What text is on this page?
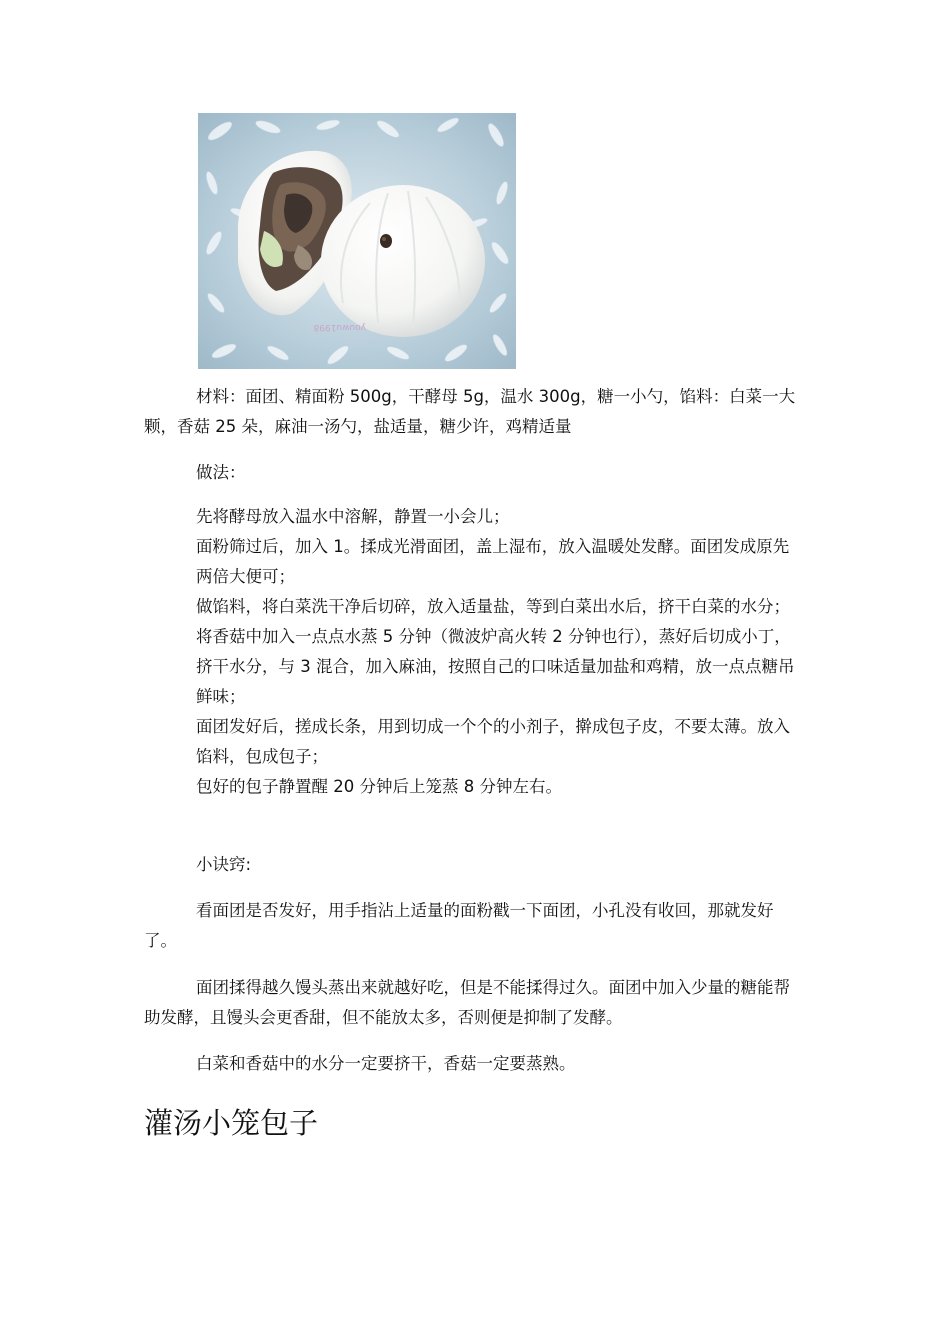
youwu1998

材料：面团、精面粉 500g，干酵母 5g，温水 300g，糖一小勺，馅料：白菜一大颗，香菇 25 朵，麻油一汤勺，盐适量，糖少许，鸡精适量

做法：

先将酵母放入温水中溶解，静置一小会儿；
面粉筛过后，加入 1。揉成光滑面团，盖上湿布，放入温暖处发酵。面团发成原先两倍大便可；
做馅料，将白菜洗干净后切碎，放入适量盐，等到白菜出水后，挤干白菜的水分；
将香菇中加入一点点水蒸 5 分钟（微波炉高火转 2 分钟也行），蒸好后切成小丁，挤干水分，与 3 混合，加入麻油，按照自己的口味适量加盐和鸡精，放一点点糖吊鲜味；
面团发好后，搓成长条，用到切成一个个的小剂子，擀成包子皮，不要太薄。放入馅料，包成包子；
包好的包子静置醒 20 分钟后上笼蒸 8 分钟左右。

小诀窍:

看面团是否发好，用手指沾上适量的面粉戳一下面团，小孔没有收回，那就发好了。

面团揉得越久馒头蒸出来就越好吃，但是不能揉得过久。面团中加入少量的糖能帮助发酵，且馒头会更香甜，但不能放太多，否则便是抑制了发酵。

白菜和香菇中的水分一定要挤干，香菇一定要蒸熟。

灌汤小笼包子
